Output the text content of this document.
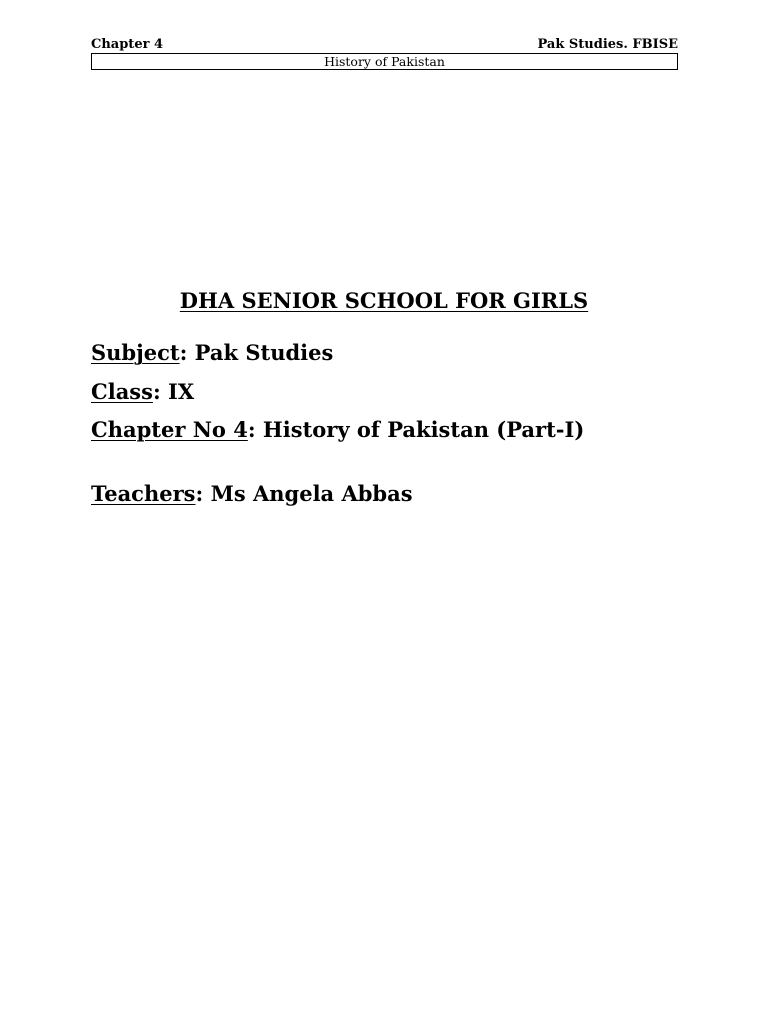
Chapter 4	Pak Studies. FBISE
History of Pakistan
DHA SENIOR SCHOOL FOR GIRLS
Subject: Pak Studies
Class: IX
Chapter No 4: History of Pakistan (Part-I)
Teachers: Ms Angela Abbas
